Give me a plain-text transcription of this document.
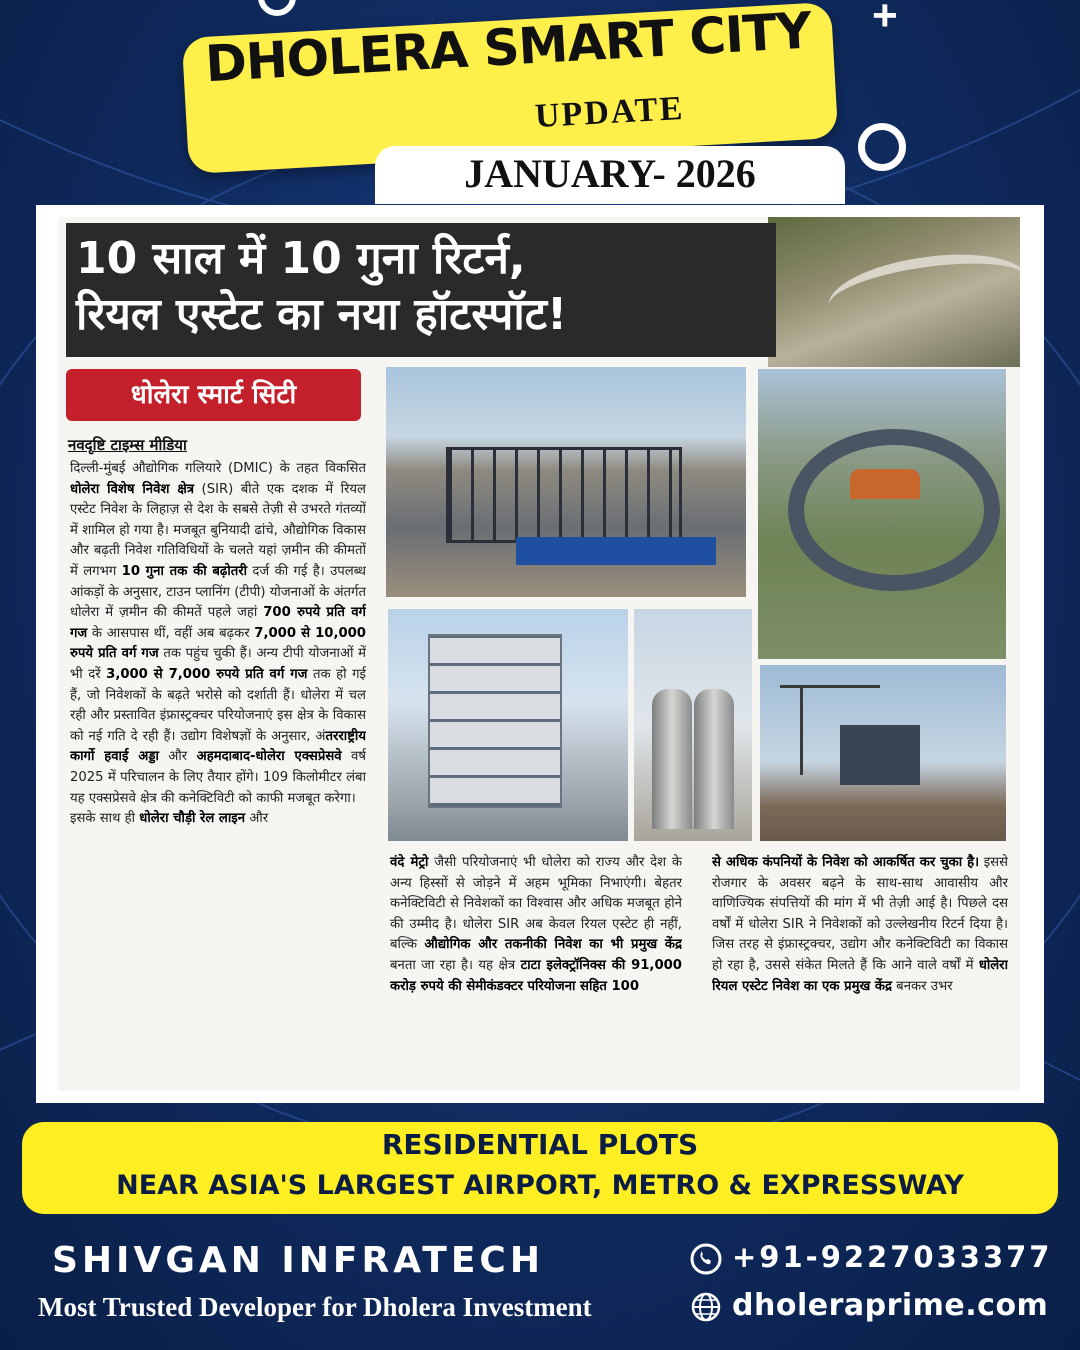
+
DHOLERA SMART CITY
UPDATE
JANUARY- 2026
10 साल में 10 गुना रिटर्न,
रियल एस्टेट का नया हॉटस्पॉट!
धोलेरा स्मार्ट सिटी
नवदृष्टि टाइम्स मीडिया
दिल्ली-मुंबई औद्योगिक गलियारे (DMIC) के तहत विकसित धोलेरा विशेष निवेश क्षेत्र (SIR) बीते एक दशक में रियल एस्टेट निवेश के लिहाज़ से देश के सबसे तेज़ी से उभरते गंतव्यों में शामिल हो गया है। मजबूत बुनियादी ढांचे, औद्योगिक विकास और बढ़ती निवेश गतिविधियों के चलते यहां ज़मीन की कीमतों में लगभग 10 गुना तक की बढ़ोतरी दर्ज की गई है। उपलब्ध आंकड़ों के अनुसार, टाउन प्लानिंग (टीपी) योजनाओं के अंतर्गत धोलेरा में ज़मीन की कीमतें पहले जहां 700 रुपये प्रति वर्ग गज के आसपास थीं, वहीं अब बढ़कर 7,000 से 10,000 रुपये प्रति वर्ग गज तक पहुंच चुकी हैं। अन्य टीपी योजनाओं में भी दरें 3,000 से 7,000 रुपये प्रति वर्ग गज तक हो गई हैं, जो निवेशकों के बढ़ते भरोसे को दर्शाती हैं। धोलेरा में चल रही और प्रस्तावित इंफ्रास्ट्रक्चर परियोजनाएं इस क्षेत्र के विकास को नई गति दे रही हैं। उद्योग विशेषज्ञों के अनुसार, अंतरराष्ट्रीय कार्गो हवाई अड्डा और अहमदाबाद-धोलेरा एक्सप्रेसवे वर्ष 2025 में परिचालन के लिए तैयार होंगे। 109 किलोमीटर लंबा यह एक्सप्रेसवे क्षेत्र की कनेक्टिविटी को काफी मजबूत करेगा।
इसके साथ ही धोलेरा चौड़ी रेल लाइन और
वंदे मेट्रो जैसी परियोजनाएं भी धोलेरा को राज्य और देश के अन्य हिस्सों से जोड़ने में अहम भूमिका निभाएंगी। बेहतर कनेक्टिविटी से निवेशकों का विश्वास और अधिक मजबूत होने की उम्मीद है। धोलेरा SIR अब केवल रियल एस्टेट ही नहीं, बल्कि औद्योगिक और तकनीकी निवेश का भी प्रमुख केंद्र बनता जा रहा है। यह क्षेत्र टाटा इलेक्ट्रॉनिक्स की 91,000 करोड़ रुपये की सेमीकंडक्टर परियोजना सहित 100
से अधिक कंपनियों के निवेश को आकर्षित कर चुका है। इससे रोजगार के अवसर बढ़ने के साथ-साथ आवासीय और वाणिज्यिक संपत्तियों की मांग में भी तेज़ी आई है। पिछले दस वर्षों में धोलेरा SIR ने निवेशकों को उल्लेखनीय रिटर्न दिया है। जिस तरह से इंफ्रास्ट्रक्चर, उद्योग और कनेक्टिविटी का विकास हो रहा है, उससे संकेत मिलते हैं कि आने वाले वर्षों में धोलेरा रियल एस्टेट निवेश का एक प्रमुख केंद्र बनकर उभर
RESIDENTIAL PLOTS
NEAR ASIA'S LARGEST AIRPORT, METRO & EXPRESSWAY
SHIVGAN INFRATECH
Most Trusted Developer for Dholera Investment
+91-9227033377
dholeraprime.com
